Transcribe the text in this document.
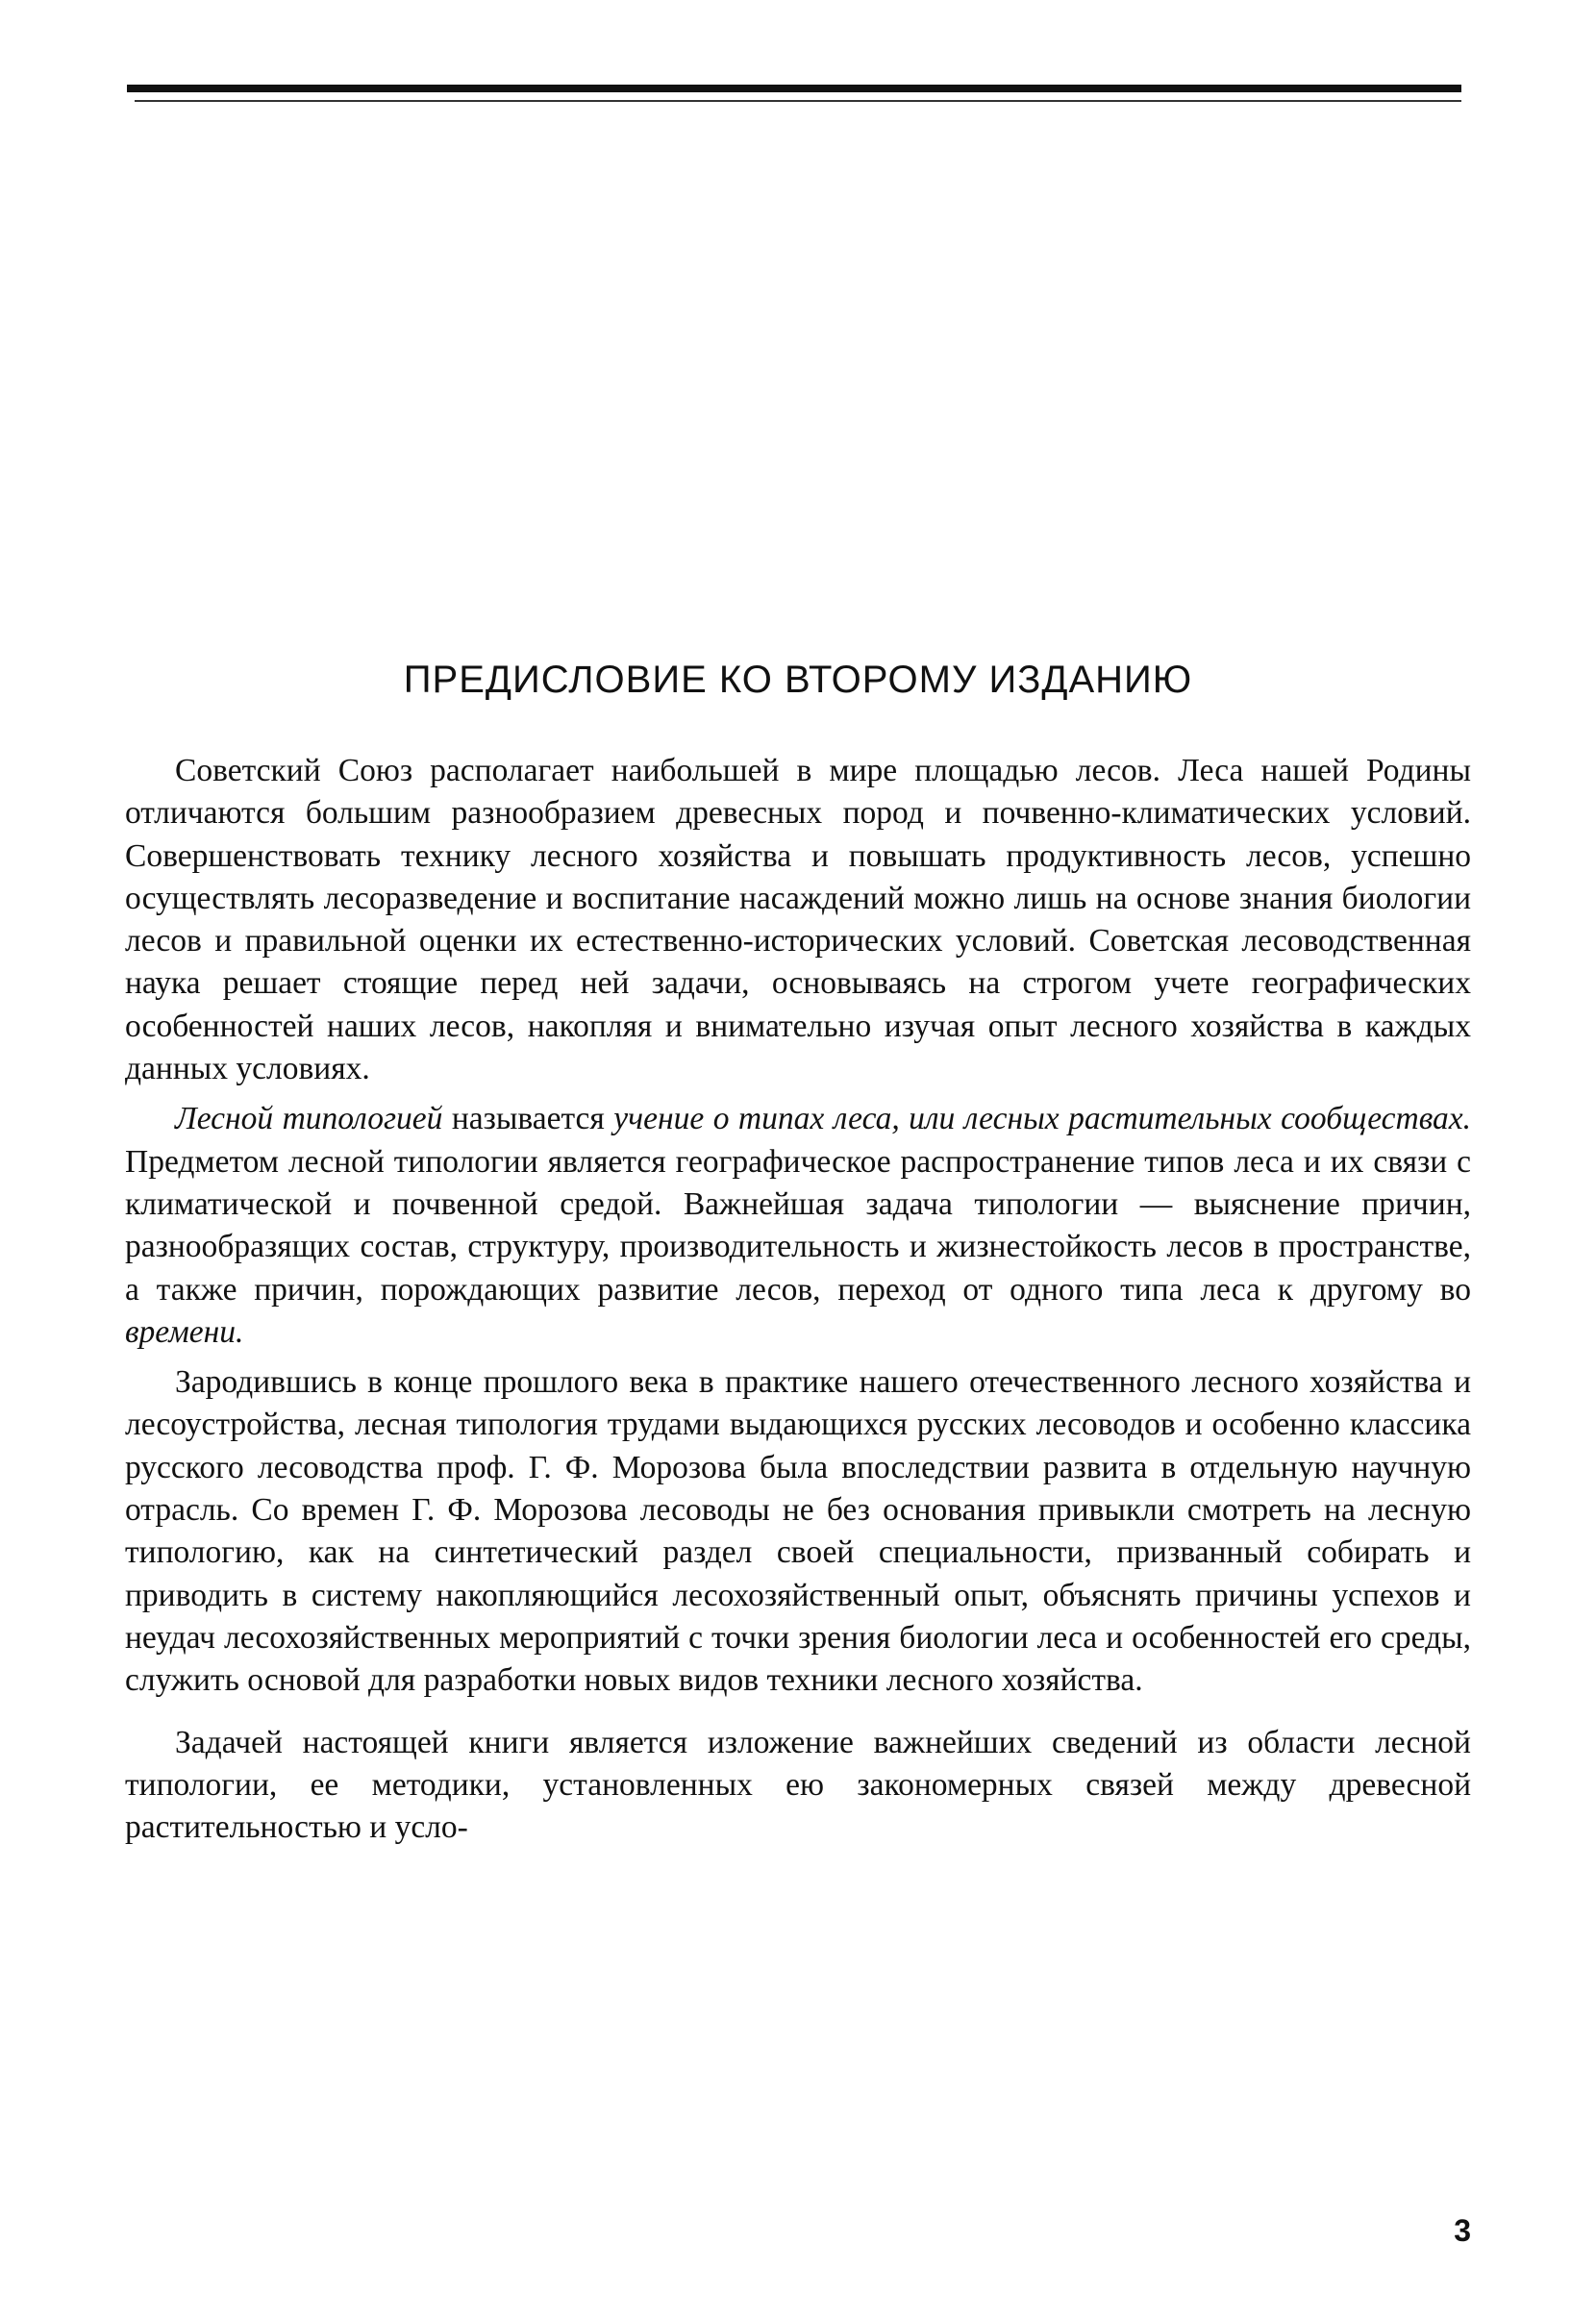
ПРЕДИСЛОВИЕ КО ВТОРОМУ ИЗДАНИЮ

Советский Союз располагает наибольшей в мире площадью лесов. Леса нашей Родины отличаются большим разнообразием древесных пород и почвенно-климатических условий. Совершенствовать технику лесного хозяйства и повышать продуктивность лесов, успешно осуществлять лесоразведение и воспитание насаждений можно лишь на основе знания биологии лесов и правильной оценки их естественно-исторических условий. Советская лесоводственная наука решает стоящие перед ней задачи, основываясь на строгом учете географических особенностей наших лесов, накопляя и внимательно изучая опыт лесного хозяйства в каждых данных условиях.

Лесной типологией называется учение о типах леса, или лесных растительных сообществах. Предметом лесной типологии является географическое распространение типов леса и их связи с климатической и почвенной средой. Важнейшая задача типологии — выяснение причин, разнообразящих состав, структуру, производительность и жизнестойкость лесов в пространстве, а также причин, порождающих развитие лесов, переход от одного типа леса к другому во времени.

Зародившись в конце прошлого века в практике нашего отечественного лесного хозяйства и лесоустройства, лесная типология трудами выдающихся русских лесоводов и особенно классика русского лесоводства проф. Г. Ф. Морозова была впоследствии развита в отдельную научную отрасль. Со времен Г. Ф. Морозова лесоводы не без основания привыкли смотреть на лесную типологию, как на синтетический раздел своей специальности, призванный собирать и приводить в систему накопляющийся лесохозяйственный опыт, объяснять причины успехов и неудач лесохозяйственных мероприятий с точки зрения биологии леса и особенностей его среды, служить основой для разработки новых видов техники лесного хозяйства.

Задачей настоящей книги является изложение важнейших сведений из области лесной типологии, ее методики, установленных ею закономерных связей между древесной растительностью и усло-

3
